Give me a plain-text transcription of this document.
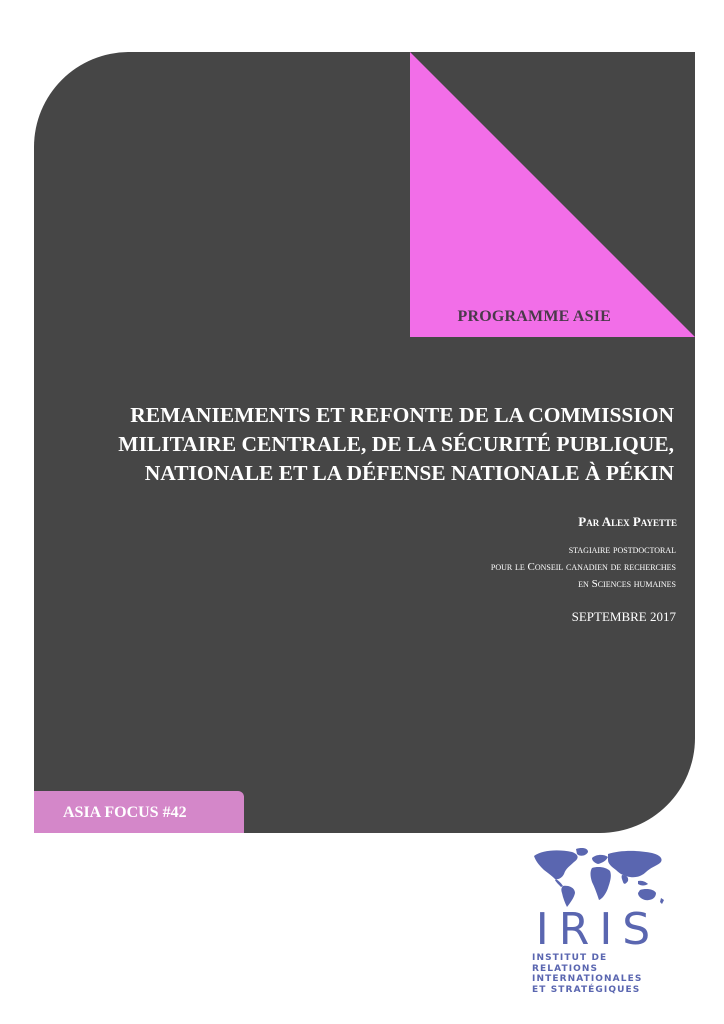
PROGRAMME ASIE
REMANIEMENTS ET REFONTE DE LA COMMISSION
MILITAIRE CENTRALE, DE LA SÉCURITÉ PUBLIQUE,
NATIONALE ET LA DÉFENSE NATIONALE À PÉKIN
Par Alex Payette
stagiaire postdoctoral
pour le Conseil canadien de recherches
en Sciences humaines
SEPTEMBRE 2017
ASIA FOCUS #42
IRIS
INSTITUT DE RELATIONS
INTERNATIONALES
ET STRATÉGIQUES
